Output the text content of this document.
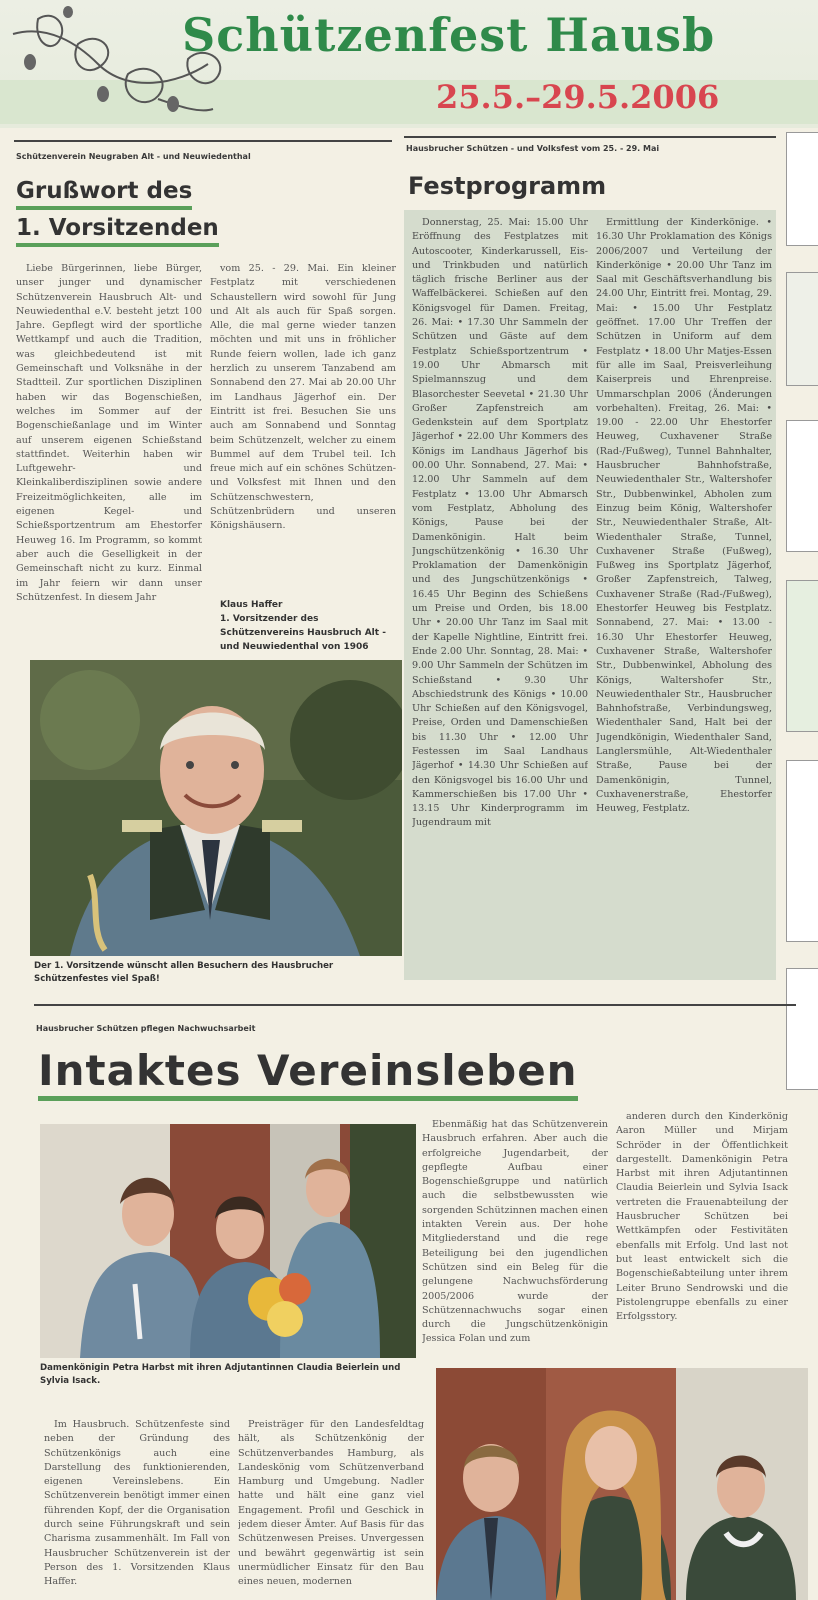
Schützenfest Hausb
25.5.–29.5.2006
Schützenverein Neugraben Alt - und Neuwiedenthal
Grußwort des
1. Vorsitzenden

Liebe Bürgerinnen, liebe Bürger, unser junger und dynamischer Schützenverein Hausbruch Alt- und Neuwiedenthal e.V. besteht jetzt 100 Jahre. Gepflegt wird der sportliche Wettkampf und auch die Tradition, was gleichbedeutend ist mit Gemeinschaft und Volksnähe in der Stadtteil. Zur sportlichen Disziplinen haben wir das Bogenschießen, welches im Sommer auf der Bogenschießanlage und im Winter auf unserem eigenen Schießstand stattfindet. Weiterhin haben wir Luftgewehr- und Kleinkaliberdisziplinen sowie andere Freizeitmöglichkeiten, alle im eigenen Kegel- und Schießsportzentrum am Ehestorfer Heuweg 16. Im Programm, so kommt aber auch die Geselligkeit in der Gemeinschaft nicht zu kurz. Einmal im Jahr feiern wir dann unser Schützenfest. In diesem Jahr

vom 25. - 29. Mai. Ein kleiner Festplatz mit verschiedenen Schaustellern wird sowohl für Jung und Alt als auch für Spaß sorgen. Alle, die mal gerne wieder tanzen möchten und mit uns in fröhlicher Runde feiern wollen, lade ich ganz herzlich zu unserem Tanzabend am Sonnabend den 27. Mai ab 20.00 Uhr im Landhaus Jägerhof ein. Der Eintritt ist frei. Besuchen Sie uns auch am Sonnabend und Sonntag beim Schützenzelt, welcher zu einem Bummel auf dem Trubel teil. Ich freue mich auf ein schönes Schützen- und Volksfest mit Ihnen und den Schützenschwestern, Schützenbrüdern und unseren Königshäusern.

Klaus Haffer
1. Vorsitzender des Schützenvereins Hausbruch Alt - und Neuwiedenthal von 1906
Der 1. Vorsitzende wünscht allen Besuchern des Hausbrucher Schützenfestes viel Spaß!
Hausbrucher Schützen - und Volksfest vom 25. - 29. Mai
Festprogramm

Donnerstag, 25. Mai: 15.00 Uhr Eröffnung des Festplatzes mit Autoscooter, Kinderkarussell, Eis- und Trinkbuden und natürlich täglich frische Berliner aus der Waffelbäckerei. Schießen auf den Königsvogel für Damen. Freitag, 26. Mai: • 17.30 Uhr Sammeln der Schützen und Gäste auf dem Festplatz Schießsportzentrum • 19.00 Uhr Abmarsch mit Spielmannszug und dem Blasorchester Seevetal • 21.30 Uhr Großer Zapfenstreich am Gedenkstein auf dem Sportplatz Jägerhof • 22.00 Uhr Kommers des Königs im Landhaus Jägerhof bis 00.00 Uhr. Sonnabend, 27. Mai: • 12.00 Uhr Sammeln auf dem Festplatz • 13.00 Uhr Abmarsch vom Festplatz, Abholung des Königs, Pause bei der Damenkönigin. Halt beim Jungschützenkönig • 16.30 Uhr Proklamation der Damenkönigin und des Jungschützenkönigs • 16.45 Uhr Beginn des Schießens um Preise und Orden, bis 18.00 Uhr • 20.00 Uhr Tanz im Saal mit der Kapelle Nightline, Eintritt frei. Ende 2.00 Uhr. Sonntag, 28. Mai: • 9.00 Uhr Sammeln der Schützen im Schießstand • 9.30 Uhr Abschiedstrunk des Königs • 10.00 Uhr Schießen auf den Königsvogel, Preise, Orden und Damenschießen bis 11.30 Uhr • 12.00 Uhr Festessen im Saal Landhaus Jägerhof • 14.30 Uhr Schießen auf den Königsvogel bis 16.00 Uhr und Kammerschießen bis 17.00 Uhr • 13.15 Uhr Kinderprogramm im Jugendraum mit

Ermittlung der Kinderkönige. • 16.30 Uhr Proklamation des Königs 2006/2007 und Verteilung der Kinderkönige • 20.00 Uhr Tanz im Saal mit Geschäftsverhandlung bis 24.00 Uhr, Eintritt frei. Montag, 29. Mai: • 15.00 Uhr Festplatz geöffnet. 17.00 Uhr Treffen der Schützen in Uniform auf dem Festplatz • 18.00 Uhr Matjes-Essen für alle im Saal, Preisverleihung Kaiserpreis und Ehrenpreise. Ummarschplan 2006 (Änderungen vorbehalten). Freitag, 26. Mai: • 19.00 - 22.00 Uhr Ehestorfer Heuweg, Cuxhavener Straße (Rad-/Fußweg), Tunnel Bahnhalter, Hausbrucher Bahnhofstraße, Neuwiedenthaler Str., Waltershofer Str., Dubbenwinkel, Abholen zum Einzug beim König, Waltershofer Str., Neuwiedenthaler Straße, Alt-Wiedenthaler Straße, Tunnel, Cuxhavener Straße (Fußweg), Fußweg ins Sportplatz Jägerhof, Großer Zapfenstreich, Talweg, Cuxhavener Straße (Rad-/Fußweg), Ehestorfer Heuweg bis Festplatz. Sonnabend, 27. Mai: • 13.00 - 16.30 Uhr Ehestorfer Heuweg, Cuxhavener Straße, Waltershofer Str., Dubbenwinkel, Abholung des Königs, Waltershofer Str., Neuwiedenthaler Str., Hausbrucher Bahnhofstraße, Verbindungsweg, Wiedenthaler Sand, Halt bei der Jugendkönigin, Wiedenthaler Sand, Langlersmühle, Alt-Wiedenthaler Straße, Pause bei der Damenkönigin, Tunnel, Cuxhavenerstraße, Ehestorfer Heuweg, Festplatz.

Hausbrucher Schützen pflegen Nachwuchsarbeit
Intaktes Vereinsleben
Damenkönigin Petra Harbst mit ihren Adjutantinnen Claudia Beierlein und Sylvia Isack.

Ebenmäßig hat das Schützenverein Hausbruch erfahren. Aber auch die erfolgreiche Jugendarbeit, der gepflegte Aufbau einer Bogenschießgruppe und natürlich auch die selbstbewussten wie sorgenden Schützinnen machen einen intakten Verein aus. Der hohe Mitgliederstand und die rege Beteiligung bei den jugendlichen Schützen sind ein Beleg für die gelungene Nachwuchsförderung 2005/2006 wurde der Schützennachwuchs sogar einen durch die Jungschützenkönigin Jessica Folan und zum

anderen durch den Kinderkönig Aaron Müller und Mirjam Schröder in der Öffentlichkeit dargestellt. Damenkönigin Petra Harbst mit ihren Adjutantinnen Claudia Beierlein und Sylvia Isack vertreten die Frauenabteilung der Hausbrucher Schützen bei Wettkämpfen oder Festivitäten ebenfalls mit Erfolg. Und last not but least entwickelt sich die Bogenschießabteilung unter ihrem Leiter Bruno Sendrowski und die Pistolengruppe ebenfalls zu einer Erfolgsstory.

Im Hausbruch. Schützenfeste sind neben der Gründung des Schützenkönigs auch eine Darstellung des funktionierenden, eigenen Vereinslebens. Ein Schützenverein benötigt immer einen führenden Kopf, der die Organisation durch seine Führungskraft und sein Charisma zusammenhält. Im Fall von Hausbrucher Schützenverein ist der Person des 1. Vorsitzenden Klaus Haffer.

Preisträger für den Landesfeldtag hält, als Schützenkönig der Schützenverbandes Hamburg, als Landeskönig vom Schützenverband Hamburg und Umgebung. Nadler hatte und hält eine ganz viel Engagement. Profil und Geschick in jedem dieser Ämter. Auf Basis für das Schützenwesen Preises. Unvergessen und bewährt gegenwärtig ist sein unermüdlicher Einsatz für den Bau eines neuen, modernen
